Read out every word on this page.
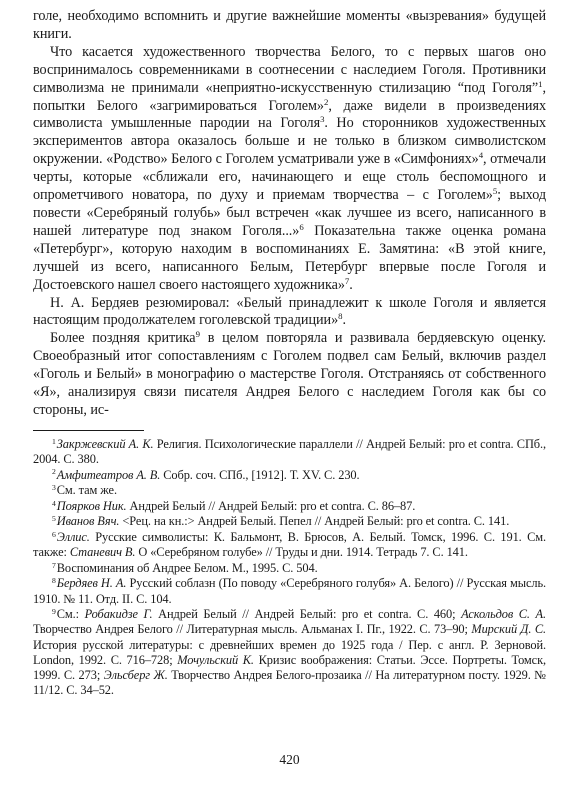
голе, необходимо вспомнить и другие важнейшие моменты «вызревания» будущей книги.

Что касается художественного творчества Белого, то с первых шагов оно воспринималось современниками в соотнесении с наследием Гоголя. Противники символизма не принимали «неприятно-искусственную стилизацию “под Гоголя”$^1$, попытки Белого «загримироваться Гоголем»$^2$, даже видели в произведениях символиста умышленные пародии на Гоголя$^3$. Но сторонников художественных экспериментов автора оказалось больше и не только в близком символистском окружении. «Родство» Белого с Гоголем усматривали уже в «Симфониях»$^4$, отмечали черты, которые «сближали его, начинающего и еще столь беспомощного и опрометчивого новатора, по духу и приемам творчества – с Гоголем»$^5$; выход повести «Серебряный голубь» был встречен «как лучшее из всего, написанного в нашей литературе под знаком Гоголя...»$^6$ Показательна также оценка романа «Петербург», которую находим в воспоминаниях Е. Замятина: «В этой книге, лучшей из всего, написанного Белым, Петербург впервые после Гоголя и Достоевского нашел своего настоящего художника»$^7$.

Н. А. Бердяев резюмировал: «Белый принадлежит к школе Гоголя и является настоящим продолжателем гоголевской традиции»$^8$.

Более поздняя критика$^9$ в целом повторяла и развивала бердяевскую оценку. Своеобразный итог сопоставлениям с Гоголем подвел сам Белый, включив раздел «Гоголь и Белый» в монографию о мастерстве Гоголя. Отстраняясь от собственного «Я», анализируя связи писателя Андрея Белого с наследием Гоголя как бы со стороны, ис-

$^1$Закржевский А. К. Религия. Психологические параллели // Андрей Белый: pro et contra. СПб., 2004. С. 380.

$^2$Амфитеатров А. В. Собр. соч. СПб., [1912]. Т. XV. С. 230.

$^3$См. там же.

$^4$Поярков Ник. Андрей Белый // Андрей Белый: pro et contra. С. 86–87.

$^5$Иванов Вяч. <Рец. на кн.:> Андрей Белый. Пепел // Андрей Белый: pro et contra. С. 141.

$^6$Эллис. Русские символисты: К. Бальмонт, В. Брюсов, А. Белый. Томск, 1996. С. 191. См. также: Станевич В. О «Серебряном голубе» // Труды и дни. 1914. Тетрадь 7. С. 141.

$^7$Воспоминания об Андрее Белом. М., 1995. С. 504.

$^8$Бердяев Н. А. Русский соблазн (По поводу «Серебряного голубя» А. Белого) // Русская мысль. 1910. № 11. Отд. II. С. 104.

$^9$См.: Робакидзе Г. Андрей Белый // Андрей Белый: pro et contra. С. 460; Аскольдов С. А. Творчество Андрея Белого // Литературная мысль. Альманах I. Пг., 1922. С. 73–90; Мирский Д. С. История русской литературы: с древнейших времен до 1925 года / Пер. с англ. Р. Зерновой. London, 1992. С. 716–728; Мочульский К. Кризис воображения: Статьи. Эссе. Портреты. Томск, 1999. С. 273; Эльсберг Ж. Творчество Андрея Белого-прозаика // На литературном посту. 1929. № 11/12. С. 34–52.

420
